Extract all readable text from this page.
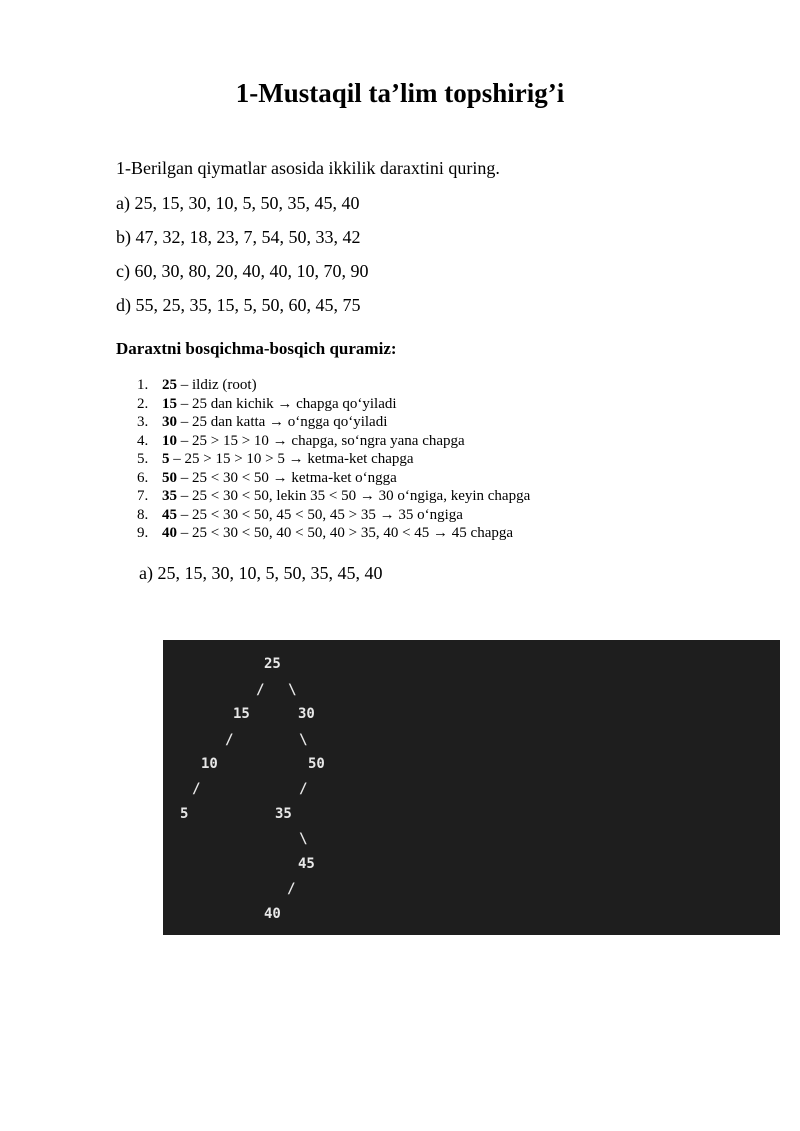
1-Mustaqil ta’lim topshirig’i

1-Berilgan qiymatlar asosida ikkilik daraxtini quring.

a) 25, 15, 30, 10, 5, 50, 35, 45, 40

b) 47, 32, 18, 23, 7, 54, 50, 33, 42

c) 60, 30, 80, 20, 40, 40, 10, 70, 90

d) 55, 25, 35, 15, 5, 50, 60, 45, 75

Daraxtni bosqichma-bosqich quramiz:

1. 25 – ildiz (root)
2. 15 – 25 dan kichik → chapga qo‘yiladi
3. 30 – 25 dan katta → o‘ngga qo‘yiladi
4. 10 – 25 > 15 > 10 → chapga, so‘ngra yana chapga
5. 5 – 25 > 15 > 10 > 5 → ketma-ket chapga
6. 50 – 25 < 30 < 50 → ketma-ket o‘ngga
7. 35 – 25 < 30 < 50, lekin 35 < 50 → 30 o‘ngiga, keyin chapga
8. 45 – 25 < 30 < 50, 45 < 50, 45 > 35 → 35 o‘ngiga
9. 40 – 25 < 30 < 50, 40 < 50, 40 > 35, 40 < 45 → 45 chapga

a) 25, 15, 30, 10, 5, 50, 35, 45, 40

25
/ \
15	30
/	\
10	50
/	/
5	35
\
45
/
40
